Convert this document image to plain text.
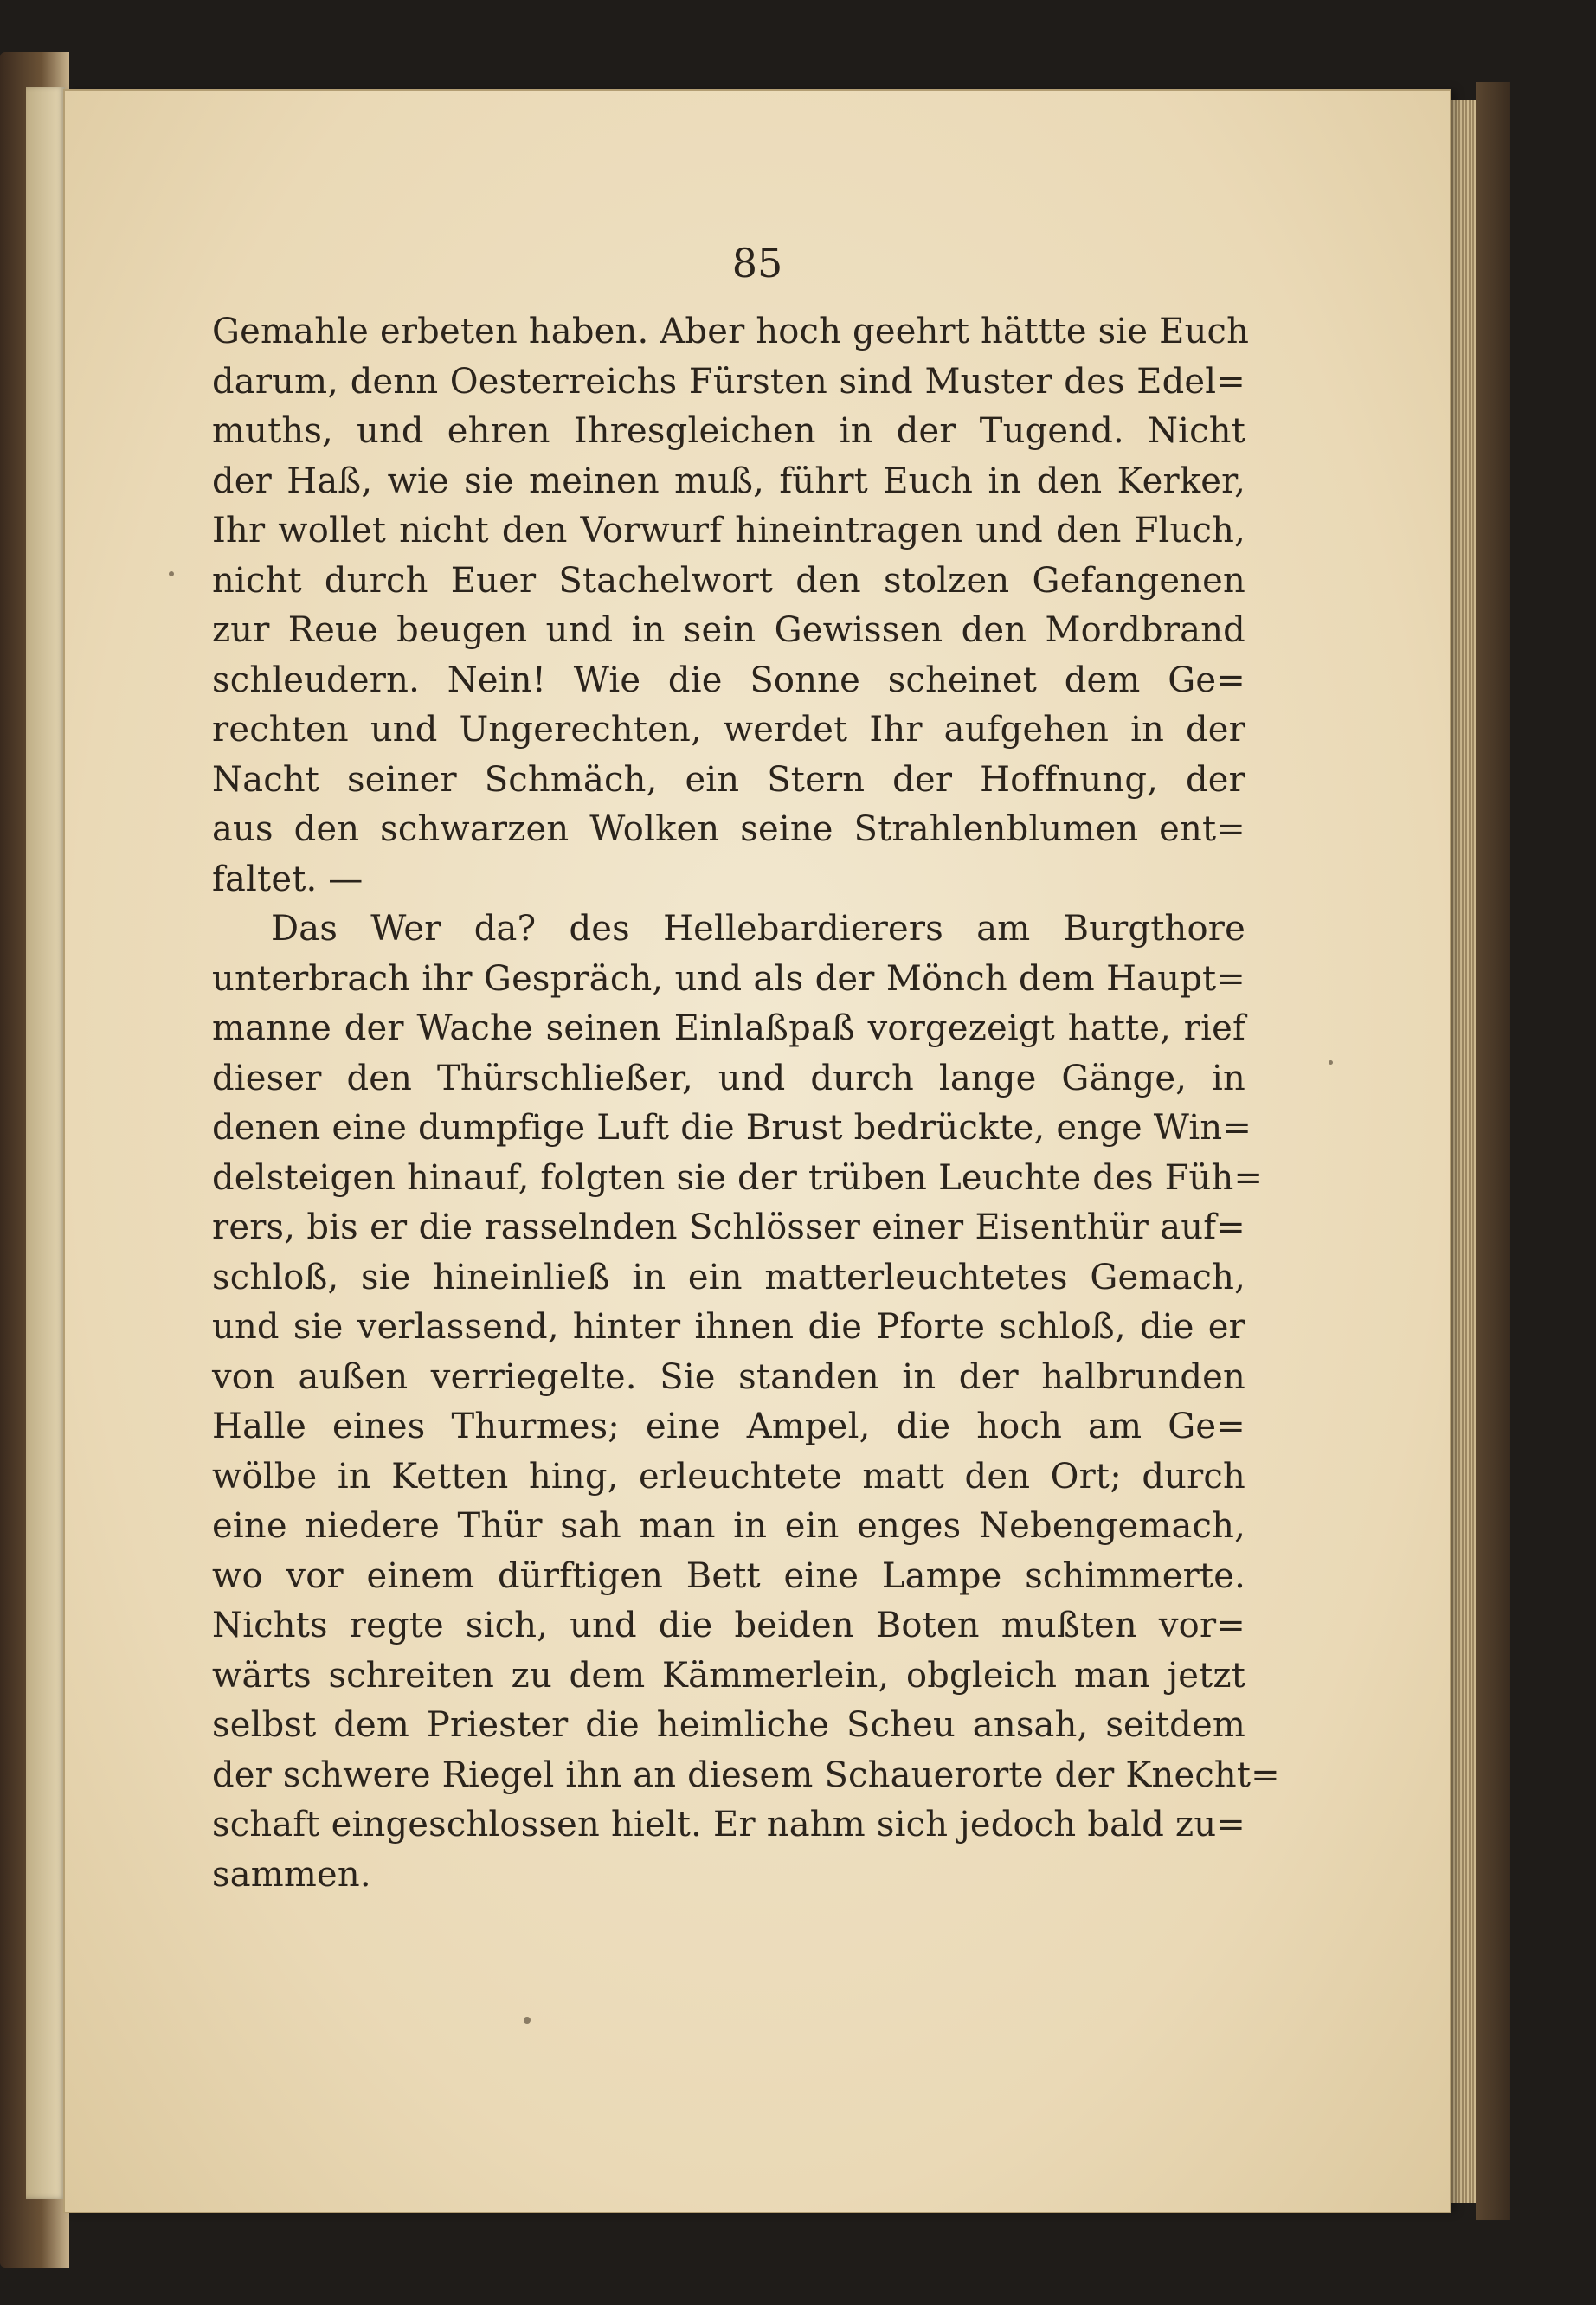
85
Gemahle erbeten haben. Aber hoch geehrt hättte sie Euch
darum, denn Oesterreichs Fürsten sind Muster des Edel=
muths, und ehren Ihresgleichen in der Tugend. Nicht
der Haß, wie sie meinen muß, führt Euch in den Kerker,
Ihr wollet nicht den Vorwurf hineintragen und den Fluch,
nicht durch Euer Stachelwort den stolzen Gefangenen
zur Reue beugen und in sein Gewissen den Mordbrand
schleudern. Nein! Wie die Sonne scheinet dem Ge=
rechten und Ungerechten, werdet Ihr aufgehen in der
Nacht seiner Schmäch, ein Stern der Hoffnung, der
aus den schwarzen Wolken seine Strahlenblumen ent=
faltet. —
Das Wer da? des Hellebardierers am Burgthore
unterbrach ihr Gespräch, und als der Mönch dem Haupt=
manne der Wache seinen Einlaßpaß vorgezeigt hatte, rief
dieser den Thürschließer, und durch lange Gänge, in
denen eine dumpfige Luft die Brust bedrückte, enge Win=
delsteigen hinauf, folgten sie der trüben Leuchte des Füh=
rers, bis er die rasselnden Schlösser einer Eisenthür auf=
schloß, sie hineinließ in ein matterleuchtetes Gemach,
und sie verlassend, hinter ihnen die Pforte schloß, die er
von außen verriegelte. Sie standen in der halbrunden
Halle eines Thurmes; eine Ampel, die hoch am Ge=
wölbe in Ketten hing, erleuchtete matt den Ort; durch
eine niedere Thür sah man in ein enges Nebengemach,
wo vor einem dürftigen Bett eine Lampe schimmerte.
Nichts regte sich, und die beiden Boten mußten vor=
wärts schreiten zu dem Kämmerlein, obgleich man jetzt
selbst dem Priester die heimliche Scheu ansah, seitdem
der schwere Riegel ihn an diesem Schauerorte der Knecht=
schaft eingeschlossen hielt. Er nahm sich jedoch bald zu=
sammen.
